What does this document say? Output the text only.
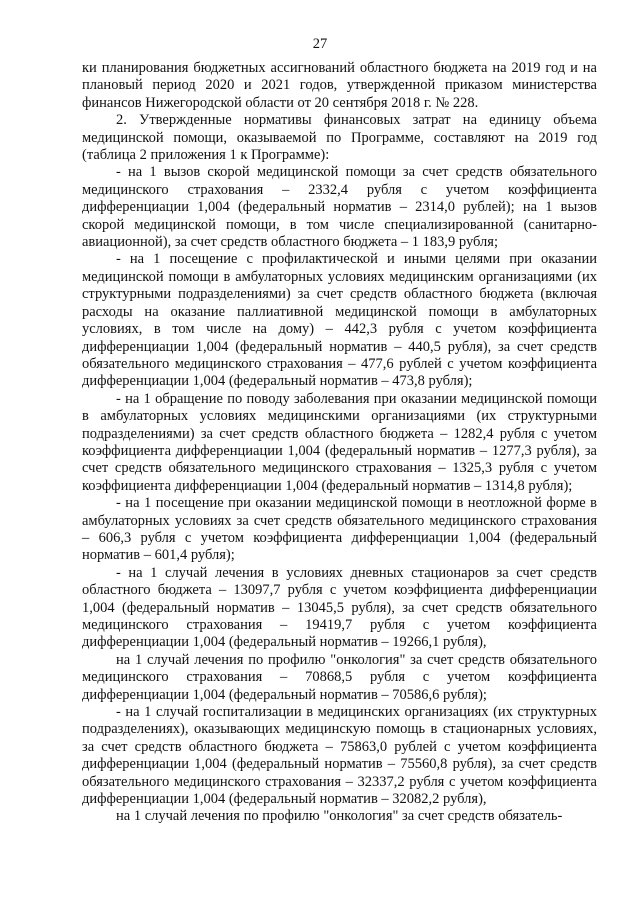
27

ки планирования бюджетных ассигнований областного бюджета на 2019 год и на плановый период 2020 и 2021 годов, утвержденной приказом министерства финансов Нижегородской области от 20 сентября 2018 г. № 228.

2. Утвержденные нормативы финансовых затрат на единицу объема медицинской помощи, оказываемой по Программе, составляют на 2019 год (таблица 2 приложения 1 к Программе):

- на 1 вызов скорой медицинской помощи за счет средств обязательного медицинского страхования – 2332,4 рубля с учетом коэффициента дифференциации 1,004 (федеральный норматив – 2314,0 рублей); на 1 вызов скорой медицинской помощи, в том числе специализированной (санитарно-авиационной), за счет средств областного бюджета – 1 183,9 рубля;

- на 1 посещение с профилактической и иными целями при оказании медицинской помощи в амбулаторных условиях медицинским организациями (их структурными подразделениями) за счет средств областного бюджета (включая расходы на оказание паллиативной медицинской помощи в амбулаторных условиях, в том числе на дому) – 442,3 рубля с учетом коэффициента дифференциации 1,004 (федеральный норматив – 440,5 рубля), за счет средств обязательного медицинского страхования – 477,6 рублей с учетом коэффициента дифференциации 1,004 (федеральный норматив – 473,8 рубля);

- на 1 обращение по поводу заболевания при оказании медицинской помощи в амбулаторных условиях медицинскими организациями (их структурными подразделениями) за счет средств областного бюджета – 1282,4 рубля с учетом коэффициента дифференциации 1,004 (федеральный норматив – 1277,3 рубля), за счет средств обязательного медицинского страхования – 1325,3 рубля с учетом коэффициента дифференциации 1,004 (федеральный норматив – 1314,8 рубля);

- на 1 посещение при оказании медицинской помощи в неотложной форме в амбулаторных условиях за счет средств обязательного медицинского страхования – 606,3 рубля с учетом коэффициента дифференциации 1,004 (федеральный норматив – 601,4 рубля);

- на 1 случай лечения в условиях дневных стационаров за счет средств областного бюджета – 13097,7 рубля с учетом коэффициента дифференциации 1,004 (федеральный норматив – 13045,5 рубля), за счет средств обязательного медицинского страхования – 19419,7 рубля с учетом коэффициента дифференциации 1,004 (федеральный норматив – 19266,1 рубля),

на 1 случай лечения по профилю "онкология" за счет средств обязательного медицинского страхования – 70868,5 рубля с учетом коэффициента дифференциации 1,004 (федеральный норматив – 70586,6 рубля);

- на 1 случай госпитализации в медицинских организациях (их структурных подразделениях), оказывающих медицинскую помощь в стационарных условиях, за счет средств областного бюджета – 75863,0 рублей с учетом коэффициента дифференциации 1,004 (федеральный норматив – 75560,8 рубля), за счет средств обязательного медицинского страхования – 32337,2 рубля с учетом коэффициента дифференциации 1,004 (федеральный норматив – 32082,2 рубля),

на 1 случай лечения по профилю "онкология" за счет средств обязатель-
